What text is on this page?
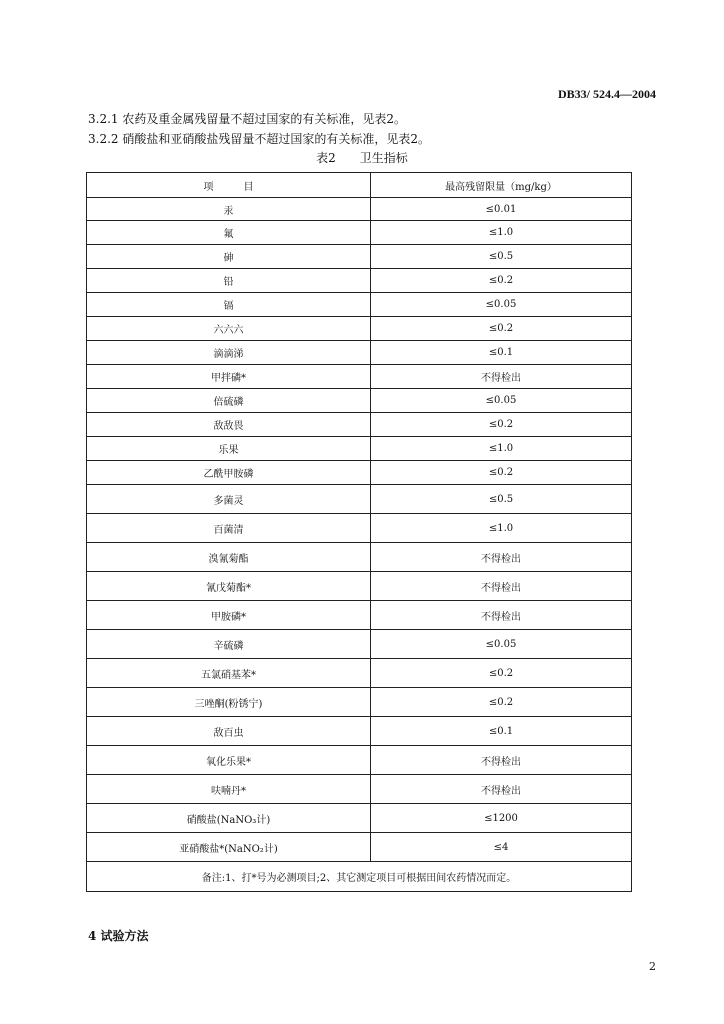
DB33/ 524.4—2004
3.2.1 农药及重金属残留量不超过国家的有关标准，见表2。
3.2.2 硝酸盐和亚硝酸盐残留量不超过国家的有关标准，见表2。
表2　　卫生指标
项　　　目	最高残留限量（mg/kg）
汞	≤0.01
氟	≤1.0
砷	≤0.5
铅	≤0.2
镉	≤0.05
六六六	≤0.2
滴滴涕	≤0.1
甲拌磷*	不得检出
倍硫磷	≤0.05
敌敌畏	≤0.2
乐果	≤1.0
乙酰甲胺磷	≤0.2
多菌灵	≤0.5
百菌清	≤1.0
溴氰菊酯	不得检出
氰戊菊酯*	不得检出
甲胺磷*	不得检出
辛硫磷	≤0.05
五氯硝基苯*	≤0.2
三唑酮(粉锈宁)	≤0.2
敌百虫	≤0.1
氧化乐果*	不得检出
呋喃丹*	不得检出
硝酸盐(NaNO₃计)	≤1200
亚硝酸盐*(NaNO₂计)	≤4
备注:1、打*号为必测项目;2、其它测定项目可根据田间农药情况而定。	
4 试验方法
2
